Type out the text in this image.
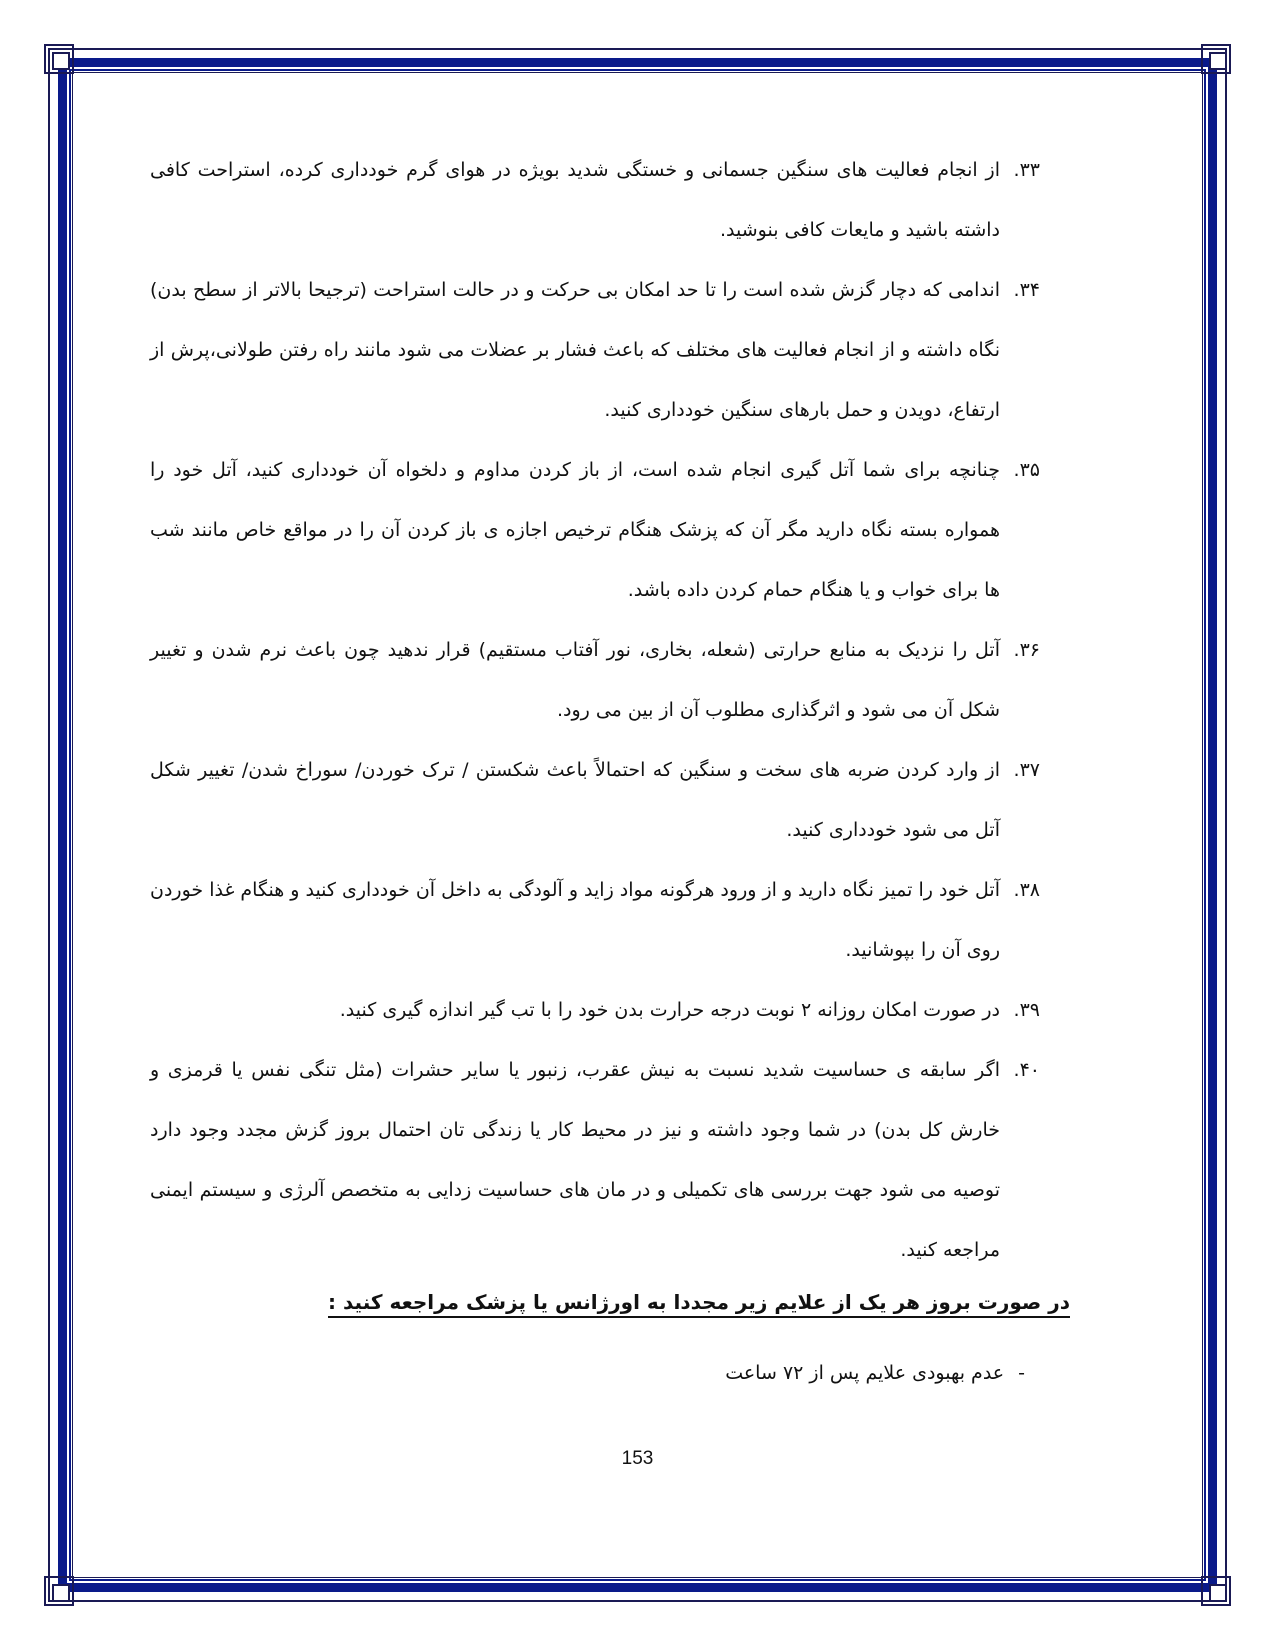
۳۳.
از انجام فعالیت های سنگین جسمانی و خستگی شدید بویژه در هوای گرم خودداری کرده، استراحت کافی داشته باشید و مایعات کافی بنوشید.
۳۴.
اندامی که دچار گزش شده است را تا حد امکان بی حرکت و در حالت استراحت (ترجیحا بالاتر از سطح بدن) نگاه داشته و از انجام فعالیت های مختلف که باعث فشار بر عضلات می شود مانند راه رفتن طولانی،پرش از ارتفاع، دویدن و حمل بارهای سنگین خودداری کنید.
۳۵.
چنانچه برای شما آتل گیری انجام شده است، از باز کردن مداوم و دلخواه آن خودداری کنید، آتل خود را همواره بسته نگاه دارید مگر آن که پزشک هنگام ترخیص اجازه ی باز کردن آن را در مواقع خاص مانند شب ها برای خواب و یا هنگام حمام کردن داده باشد.
۳۶.
آتل را نزدیک به منابع حرارتی (شعله، بخاری، نور آفتاب مستقیم) قرار ندهید چون باعث نرم شدن و تغییر شکل آن می شود و اثرگذاری مطلوب آن از بین می رود.
۳۷.
از وارد کردن ضربه های سخت و سنگین که احتمالاً باعث شکستن / ترک خوردن/ سوراخ شدن/ تغییر شکل آتل می شود خودداری کنید.
۳۸.
آتل خود را تمیز نگاه دارید و از ورود هرگونه مواد زاید و آلودگی به داخل آن خودداری کنید و هنگام غذا خوردن روی آن را بپوشانید.
۳۹.
در صورت امکان روزانه ۲ نوبت درجه حرارت بدن خود را با تب گیر اندازه گیری کنید.
۴۰.
اگر سابقه ی حساسیت شدید نسبت به نیش عقرب، زنبور یا سایر حشرات (مثل تنگی نفس یا قرمزی و خارش کل بدن) در شما وجود داشته و نیز در محیط کار یا زندگی تان احتمال بروز گزش مجدد وجود دارد توصیه می شود جهت بررسی های تکمیلی و در مان های حساسیت زدایی به متخصص آلرژی و سیستم ایمنی مراجعه کنید.
در صورت بروز هر یک از علایم زیر مجددا به اورژانس یا پزشک مراجعه کنید :
-
عدم بهبودی علایم پس از ۷۲ ساعت
153
